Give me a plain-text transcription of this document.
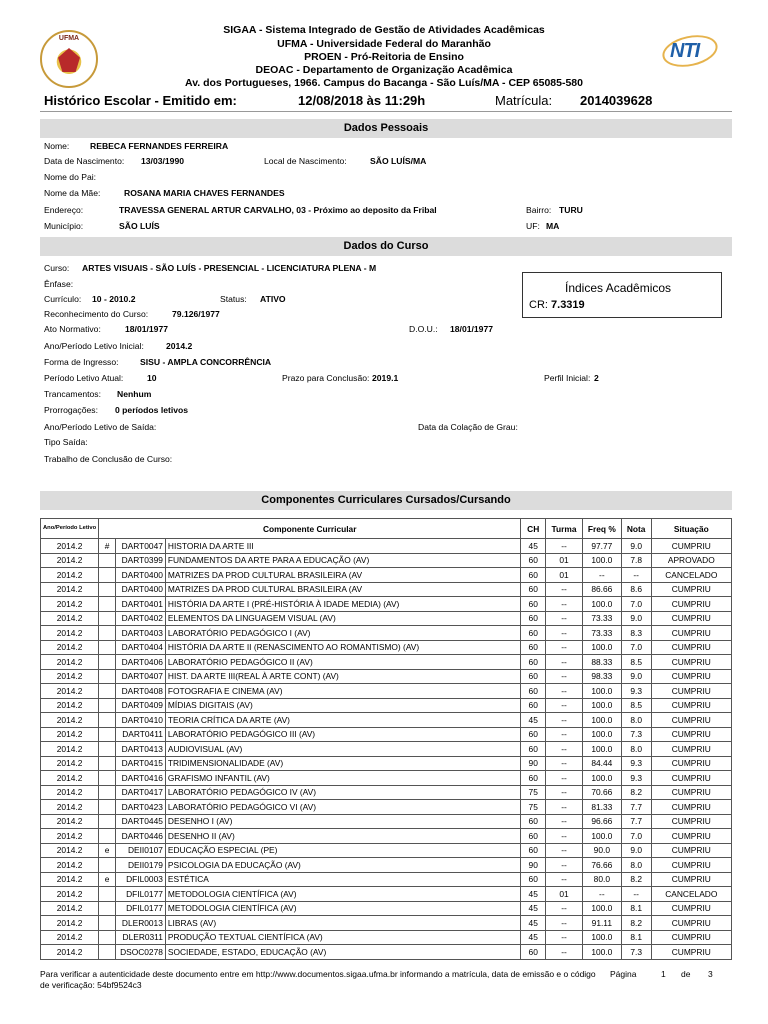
UFMA
NTI
SIGAA - Sistema Integrado de Gestão de Atividades Acadêmicas
UFMA - Universidade Federal do Maranhão
PROEN - Pró-Reitoria de Ensino
DEOAC - Departamento de Organização Acadêmica
Av. dos Portugueses, 1966. Campus do Bacanga - São Luís/MA - CEP 65085-580
Histórico Escolar - Emitido em:	12/08/2018 às 11:29h	Matrícula: 2014039628
Dados Pessoais
Nome: REBECA FERNANDES FERREIRA
Data de Nascimento: 13/03/1990	Local de Nascimento:	SÃO LUÍS/MA
Nome do Pai:
Nome da Mãe:	ROSANA MARIA CHAVES FERNANDES
Endereço:	TRAVESSA GENERAL ARTUR CARVALHO, 03 - Próximo ao deposito da Fribal	Bairro: TURU
Município:	SÃO LUÍS	UF: MA
Dados do Curso
Curso: ARTES VISUAIS - SÃO LUÍS - PRESENCIAL - LICENCIATURA PLENA - M
Ênfase:
Currículo: 10 - 2010.2	Status: ATIVO
Reconhecimento do Curso:	79.126/1977
Ato Normativo:	18/01/1977	D.O.U.: 18/01/1977
Ano/Período Letivo Inicial:	2014.2
Forma de Ingresso: SISU - AMPLA CONCORRÊNCIA
Período Letivo Atual:	10	Prazo para Conclusão: 2019.1	Perfil Inicial: 2
Trancamentos: Nenhum
Prorrogações: 0 períodos letivos
Ano/Período Letivo de Saída:	Data da Colação de Grau:
Tipo Saída:
Trabalho de Conclusão de Curso:
Índices Acadêmicos
CR: 7.3319
Componentes Curriculares Cursados/Cursando
Ano/Período Letivo	Componente Curricular			CH	Turma	Freq %	Nota	Situação
2014.2	#	DART0047	HISTORIA DA ARTE III	45	--	97.77	9.0	CUMPRIU
2014.2		DART0399	FUNDAMENTOS DA ARTE PARA A EDUCAÇÃO (AV)	60	01	100.0	7.8	APROVADO
2014.2		DART0400	MATRIZES DA PROD CULTURAL BRASILEIRA (AV	60	01	--	--	CANCELADO
2014.2		DART0400	MATRIZES DA PROD CULTURAL BRASILEIRA (AV	60	--	86.66	8.6	CUMPRIU
2014.2		DART0401	HISTÓRIA DA ARTE I (PRÉ-HISTÓRIA À IDADE MEDIA) (AV)	60	--	100.0	7.0	CUMPRIU
2014.2		DART0402	ELEMENTOS DA LINGUAGEM VISUAL (AV)	60	--	73.33	9.0	CUMPRIU
2014.2		DART0403	LABORATÓRIO PEDAGÓGICO I (AV)	60	--	73.33	8.3	CUMPRIU
2014.2		DART0404	HISTÓRIA DA ARTE II (RENASCIMENTO AO ROMANTISMO) (AV)	60	--	100.0	7.0	CUMPRIU
2014.2		DART0406	LABORATÓRIO PEDAGÓGICO II (AV)	60	--	88.33	8.5	CUMPRIU
2014.2		DART0407	HIST. DA ARTE III(REAL À ARTE CONT) (AV)	60	--	98.33	9.0	CUMPRIU
2014.2		DART0408	FOTOGRAFIA E CINEMA (AV)	60	--	100.0	9.3	CUMPRIU
2014.2		DART0409	MÍDIAS DIGITAIS (AV)	60	--	100.0	8.5	CUMPRIU
2014.2		DART0410	TEORIA CRÍTICA DA ARTE (AV)	45	--	100.0	8.0	CUMPRIU
2014.2		DART0411	LABORATÓRIO PEDAGÓGICO III (AV)	60	--	100.0	7.3	CUMPRIU
2014.2		DART0413	AUDIOVISUAL (AV)	60	--	100.0	8.0	CUMPRIU
2014.2		DART0415	TRIDIMENSIONALIDADE (AV)	90	--	84.44	9.3	CUMPRIU
2014.2		DART0416	GRAFISMO INFANTIL (AV)	60	--	100.0	9.3	CUMPRIU
2014.2		DART0417	LABORATÓRIO PEDAGÓGICO IV (AV)	75	--	70.66	8.2	CUMPRIU
2014.2		DART0423	LABORATÓRIO PEDAGÓGICO VI (AV)	75	--	81.33	7.7	CUMPRIU
2014.2		DART0445	DESENHO I (AV)	60	--	96.66	7.7	CUMPRIU
2014.2		DART0446	DESENHO II (AV)	60	--	100.0	7.0	CUMPRIU
2014.2	e	DEII0107	EDUCAÇÃO ESPECIAL (PE)	60	--	90.0	9.0	CUMPRIU
2014.2		DEII0179	PSICOLOGIA DA EDUCAÇÃO (AV)	90	--	76.66	8.0	CUMPRIU
2014.2	e	DFIL0003	ESTÉTICA	60	--	80.0	8.2	CUMPRIU
2014.2		DFIL0177	METODOLOGIA CIENTÍFICA (AV)	45	01	--	--	CANCELADO
2014.2		DFIL0177	METODOLOGIA CIENTÍFICA (AV)	45	--	100.0	8.1	CUMPRIU
2014.2		DLER0013	LIBRAS (AV)	45	--	91.11	8.2	CUMPRIU
2014.2		DLER0311	PRODUÇÃO TEXTUAL CIENTÍFICA (AV)	45	--	100.0	8.1	CUMPRIU
2014.2		DSOC0278	SOCIEDADE, ESTADO, EDUCAÇÃO (AV)	60	--	100.0	7.3	CUMPRIU
Para verificar a autenticidade deste documento entre em http://www.documentos.sigaa.ufma.br informando a matrícula, data de emissão e o código de verificação: 54bf9524c3
Página	1 de 3
